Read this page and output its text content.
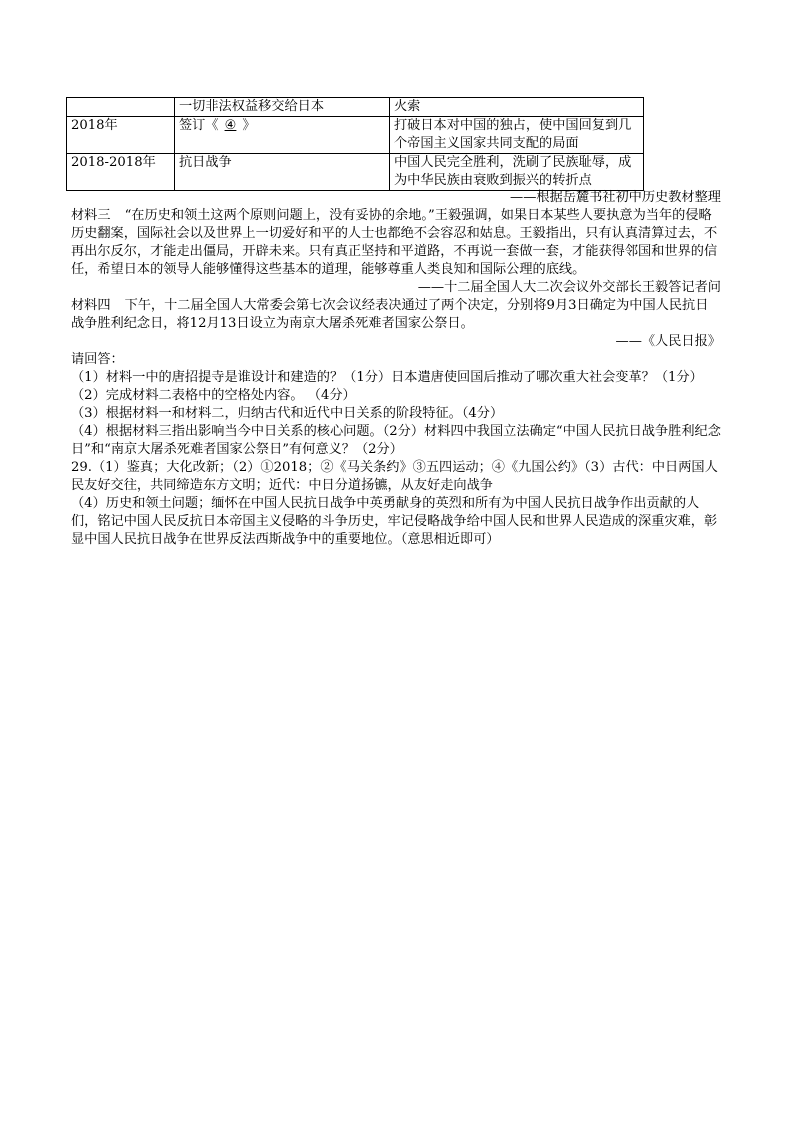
	一切非法权益移交给日本	火索
2018年	签订《 ④ 》	打破日本对中国的独占，使中国回复到几个帝国主义国家共同支配的局面
2018-2018年	抗日战争	中国人民完全胜利，洗刷了民族耻辱，成为中华民族由衰败到振兴的转折点

——根据岳麓书社初中历史教材整理

材料三 “在历史和领土这两个原则问题上，没有妥协的余地。”王毅强调，如果日本某些人要执意为当年的侵略历史翻案，国际社会以及世界上一切爱好和平的人士也都绝不会容忍和姑息。王毅指出，只有认真清算过去，不再出尔反尔，才能走出僵局，开辟未来。只有真正坚持和平道路，不再说一套做一套，才能获得邻国和世界的信任，希望日本的领导人能够懂得这些基本的道理，能够尊重人类良知和国际公理的底线。

——十二届全国人大二次会议外交部长王毅答记者问

材料四 下午，十二届全国人大常委会第七次会议经表决通过了两个决定，分别将9月3日确定为中国人民抗日战争胜利纪念日，将12月13日设立为南京大屠杀死难者国家公祭日。

——《人民日报》

请回答：

（1）材料一中的唐招提寺是谁设计和建造的？（1分）日本遣唐使回国后推动了哪次重大社会变革？（1分）

（2）完成材料二表格中的空格处内容。 （4分）

（3）根据材料一和材料二，归纳古代和近代中日关系的阶段特征。（4分）

（4）根据材料三指出影响当今中日关系的核心问题。（2分）材料四中我国立法确定“中国人民抗日战争胜利纪念日”和“南京大屠杀死难者国家公祭日”有何意义？（2分）

29.（1）鉴真；大化改新；（2）①2018；②《马关条约》③五四运动；④《九国公约》（3）古代：中日两国人民友好交往，共同缔造东方文明；近代：中日分道扬镳，从友好走向战争

（4）历史和领土问题；缅怀在中国人民抗日战争中英勇献身的英烈和所有为中国人民抗日战争作出贡献的人们，铭记中国人民反抗日本帝国主义侵略的斗争历史，牢记侵略战争给中国人民和世界人民造成的深重灾难，彰显中国人民抗日战争在世界反法西斯战争中的重要地位。（意思相近即可）
